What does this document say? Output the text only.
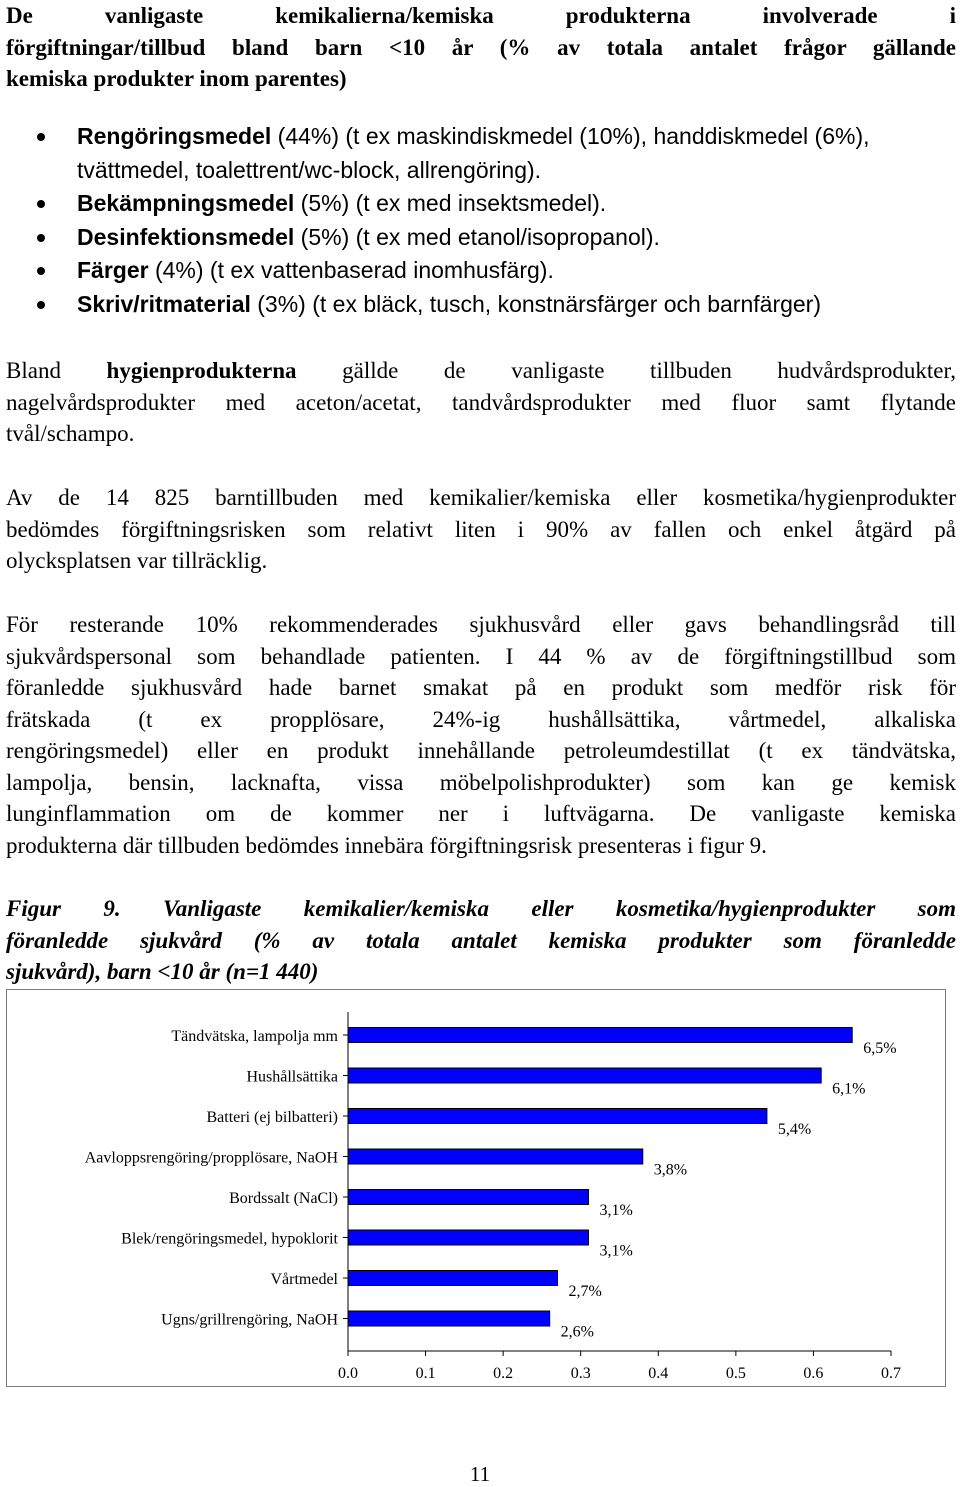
De vanligaste kemikalierna/kemiska produkterna involverade i
förgiftningar/tillbud bland barn <10 år (% av totala antalet frågor gällande
kemiska produkter inom parentes)
Rengöringsmedel (44%) (t ex maskindiskmedel (10%), handdiskmedel (6%),
tvättmedel, toalettrent/wc-block, allrengöring).
Bekämpningsmedel (5%) (t ex med insektsmedel).
Desinfektionsmedel (5%) (t ex med etanol/isopropanol).
Färger (4%) (t ex vattenbaserad inomhusfärg).
Skriv/ritmaterial (3%) (t ex bläck, tusch, konstnärsfärger och barnfärger)
Bland hygienprodukterna gällde de vanligaste tillbuden hudvårdsprodukter,
nagelvårdsprodukter med aceton/acetat, tandvårdsprodukter med fluor samt flytande
tvål/schampo.
Av de 14 825 barntillbuden med kemikalier/kemiska eller kosmetika/hygienprodukter
bedömdes förgiftningsrisken som relativt liten i 90% av fallen och enkel åtgärd på
olycksplatsen var tillräcklig.
För resterande 10% rekommenderades sjukhusvård eller gavs behandlingsråd till
sjukvårdspersonal som behandlade patienten. I 44 % av de förgiftningstillbud som
föranledde sjukhusvård hade barnet smakat på en produkt som medför risk för
frätskada (t ex propplösare, 24%-ig hushållsättika, vårtmedel, alkaliska
rengöringsmedel) eller en produkt innehållande petroleumdestillat (t ex tändvätska,
lampolja, bensin, lacknafta, vissa möbelpolishprodukter) som kan ge kemisk
lunginflammation om de kommer ner i luftvägarna. De vanligaste kemiska
produkterna där tillbuden bedömdes innebära förgiftningsrisk presenteras i figur 9.
Figur 9. Vanligaste kemikalier/kemiska eller kosmetika/hygienprodukter som
föranledde sjukvård (% av totala antalet kemiska produkter som föranledde
sjukvård), barn <10 år (n=1 440)
0.0	0.1	0.2	0.3	0.4	0.5	0.6	0.7
Tändvätska, lampolja mm
6,5%
Hushållsättika
6,1%
Batteri (ej bilbatteri)
5,4%
Aavloppsrengöring/propplösare, NaOH
3,8%
Bordssalt (NaCl)
3,1%
Blek/rengöringsmedel, hypoklorit
3,1%
Vårtmedel
2,7%
Ugns/grillrengöring, NaOH
2,6%
11
